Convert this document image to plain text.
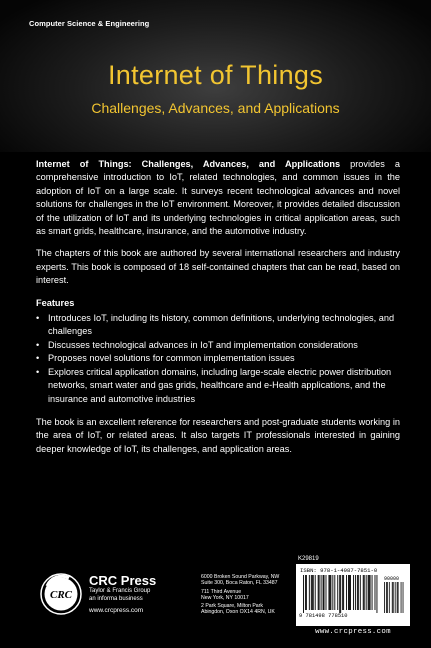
Computer Science & Engineering
Internet of Things
Challenges, Advances, and Applications

Internet of Things: Challenges, Advances, and Applications provides a comprehensive introduction to IoT, related technologies, and common issues in the adoption of IoT on a large scale. It surveys recent technological advances and novel solutions for challenges in the IoT environment. Moreover, it provides detailed discussion of the utilization of IoT and its underlying technologies in critical application areas, such as smart grids, healthcare, insurance, and the automotive industry.

The chapters of this book are authored by several international researchers and industry experts. This book is composed of 18 self-contained chapters that can be read, based on interest.

Features
• Introduces IoT, including its history, common definitions, underlying technologies, and challenges
• Discusses technological advances in IoT and implementation considerations
• Proposes novel solutions for common implementation issues
• Explores critical application domains, including large-scale electric power distribution networks, smart water and gas grids, healthcare and e-Health applications, and the insurance and automotive industries

The book is an excellent reference for researchers and post-graduate students working in the area of IoT, or related areas. It also targets IT professionals interested in gaining deeper knowledge of IoT, its challenges, and application areas.

CRC
CRC Press
Taylor & Francis Group
an informa business
www.crcpress.com
6000 Broken Sound Parkway, NW
Suite 300, Boca Raton, FL 33487
711 Third Avenue
New York, NY 10017
2 Park Square, Milton Park
Abingdon, Oxon OX14 4RN, UK
K29819
ISBN: 978-1-4987-7851-0
90000
9 781498 778510
www.crcpress.com
